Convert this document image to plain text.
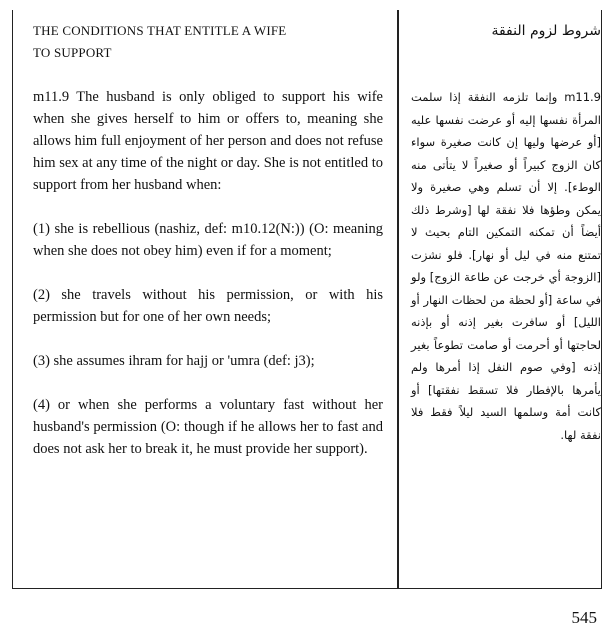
THE CONDITIONS THAT ENTITLE A WIFE

TO SUPPORT

m11.9 The husband is only obliged to support his wife when she gives herself to him or offers to, meaning she allows him full enjoyment of her person and does not refuse him sex at any time of the night or day. She is not entitled to support from her husband when:

(1) she is rebellious (nashiz, def: m10.12(N:)) (O: meaning when she does not obey him) even if for a moment;

(2) she travels without his permission, or with his permission but for one of her own needs;

(3) she assumes ihram for hajj or 'umra (def: j3);

(4) or when she performs a voluntary fast without her husband's permission (O: though if he allows her to fast and does not ask her to break it, he must provide her support).

شروط لزوم النفقة

m11.9 وإنما تلزمه النفقة إذا سلمت المرأة نفسها إليه أو عرضت نفسها عليه [أو عرضها وليها إن كانت صغيرة سواء كان الزوج كبيراً أو صغيراً لا يتأتى منه الوطء]. إلا أن تسلم وهي صغيرة ولا يمكن وطؤها فلا نفقة لها [وشرط ذلك أيضاً أن تمكنه التمكين التام بحيث لا تمتنع منه في ليل أو نهار]. فلو نشزت [الزوجة أي خرجت عن طاعة الزوج] ولو في ساعة [أو لحظة من لحظات النهار أو الليل] أو سافرت بغير إذنه أو بإذنه لحاجتها أو أحرمت أو صامت تطوعاً بغير إذنه [وفي صوم النفل إذا أمرها ولم يأمرها بالإفطار فلا تسقط نفقتها] أو كانت أمة وسلمها السيد ليلاً فقط فلا نفقة لها.

545
